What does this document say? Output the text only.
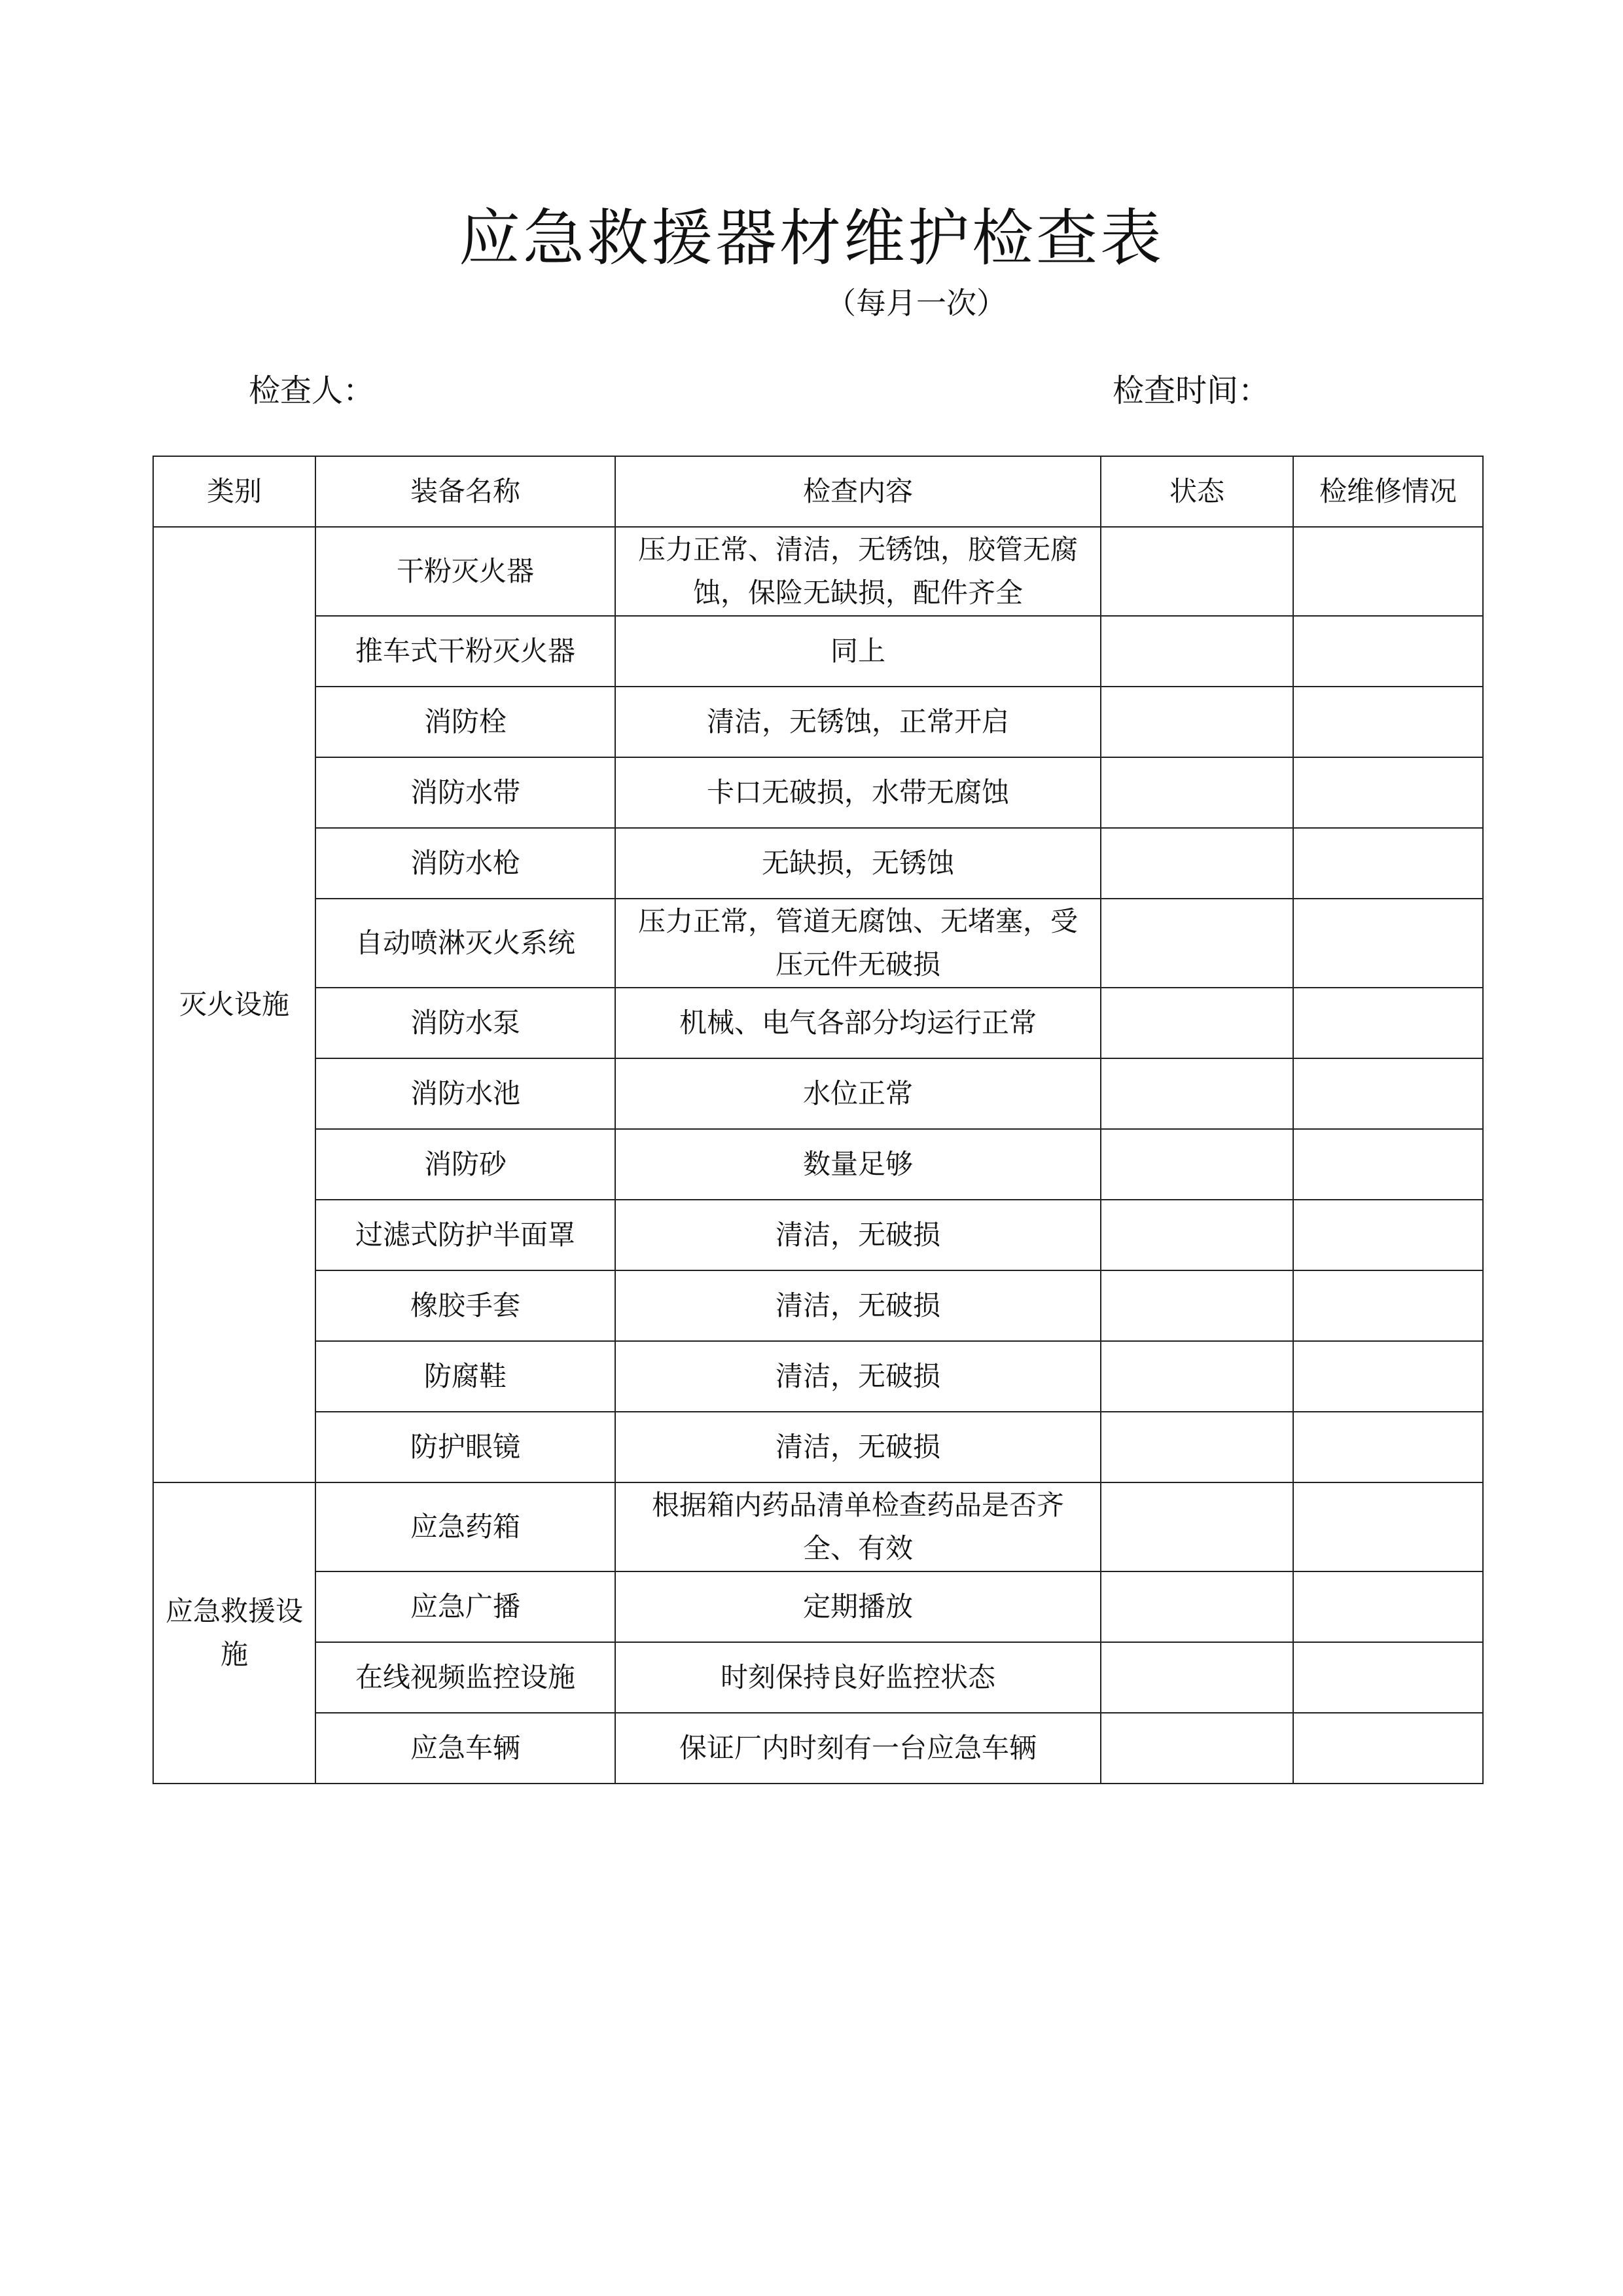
应急救援器材维护检查表
（每月一次）
检查人：	检查时间：
类别	装备名称	检查内容	状态	检维修情况
灭火设施	干粉灭火器	压力正常、清洁，无锈蚀，胶管无腐蚀，保险无缺损，配件齐全		
	推车式干粉灭火器	同上		
	消防栓	清洁，无锈蚀，正常开启		
	消防水带	卡口无破损，水带无腐蚀		
	消防水枪	无缺损，无锈蚀		
	自动喷淋灭火系统	压力正常，管道无腐蚀、无堵塞，受压元件无破损		
	消防水泵	机械、电气各部分均运行正常		
	消防水池	水位正常		
	消防砂	数量足够		
	过滤式防护半面罩	清洁，无破损		
	橡胶手套	清洁，无破损		
	防腐鞋	清洁，无破损		
	防护眼镜	清洁，无破损		
应急救援设施	应急药箱	根据箱内药品清单检查药品是否齐全、有效		
	应急广播	定期播放		
	在线视频监控设施	时刻保持良好监控状态		
	应急车辆	保证厂内时刻有一台应急车辆		
